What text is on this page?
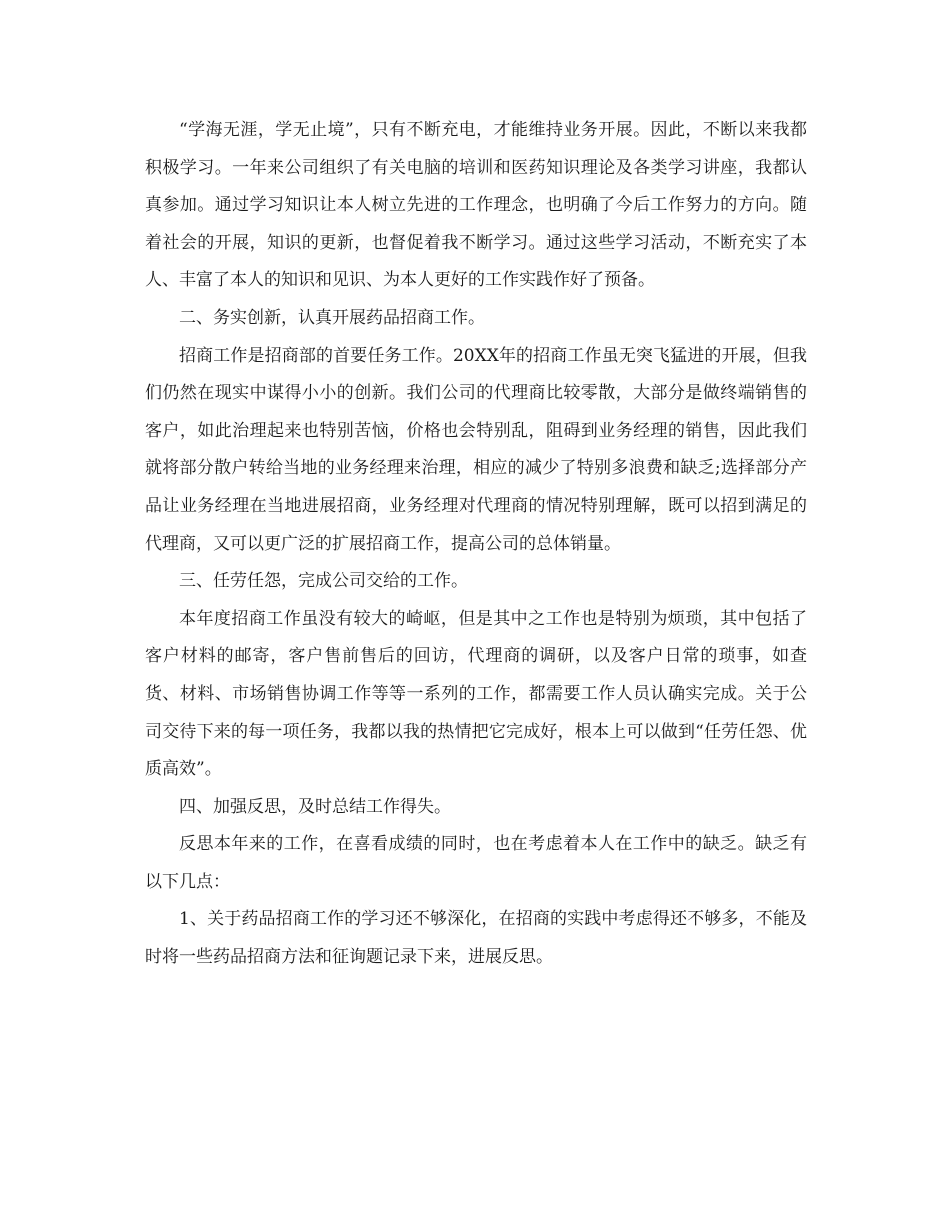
“学海无涯，学无止境”，只有不断充电，才能维持业务开展。因此，不断以来我都积极学习。一年来公司组织了有关电脑的培训和医药知识理论及各类学习讲座，我都认真参加。通过学习知识让本人树立先进的工作理念，也明确了今后工作努力的方向。随着社会的开展，知识的更新，也督促着我不断学习。通过这些学习活动，不断充实了本人、丰富了本人的知识和见识、为本人更好的工作实践作好了预备。

二、务实创新，认真开展药品招商工作。

招商工作是招商部的首要任务工作。20XX年的招商工作虽无突飞猛进的开展，但我们仍然在现实中谋得小小的创新。我们公司的代理商比较零散，大部分是做终端销售的客户，如此治理起来也特别苦恼，价格也会特别乱，阻碍到业务经理的销售，因此我们就将部分散户转给当地的业务经理来治理，相应的减少了特别多浪费和缺乏;选择部分产品让业务经理在当地进展招商，业务经理对代理商的情况特别理解，既可以招到满足的代理商，又可以更广泛的扩展招商工作，提高公司的总体销量。

三、任劳任怨，完成公司交给的工作。

本年度招商工作虽没有较大的崎岖，但是其中之工作也是特别为烦琐，其中包括了客户材料的邮寄，客户售前售后的回访，代理商的调研，以及客户日常的琐事，如查货、材料、市场销售协调工作等等一系列的工作，都需要工作人员认确实完成。关于公司交待下来的每一项任务，我都以我的热情把它完成好，根本上可以做到“任劳任怨、优质高效”。

四、加强反思，及时总结工作得失。

反思本年来的工作，在喜看成绩的同时，也在考虑着本人在工作中的缺乏。缺乏有以下几点：

1、关于药品招商工作的学习还不够深化，在招商的实践中考虑得还不够多，不能及时将一些药品招商方法和征询题记录下来，进展反思。
